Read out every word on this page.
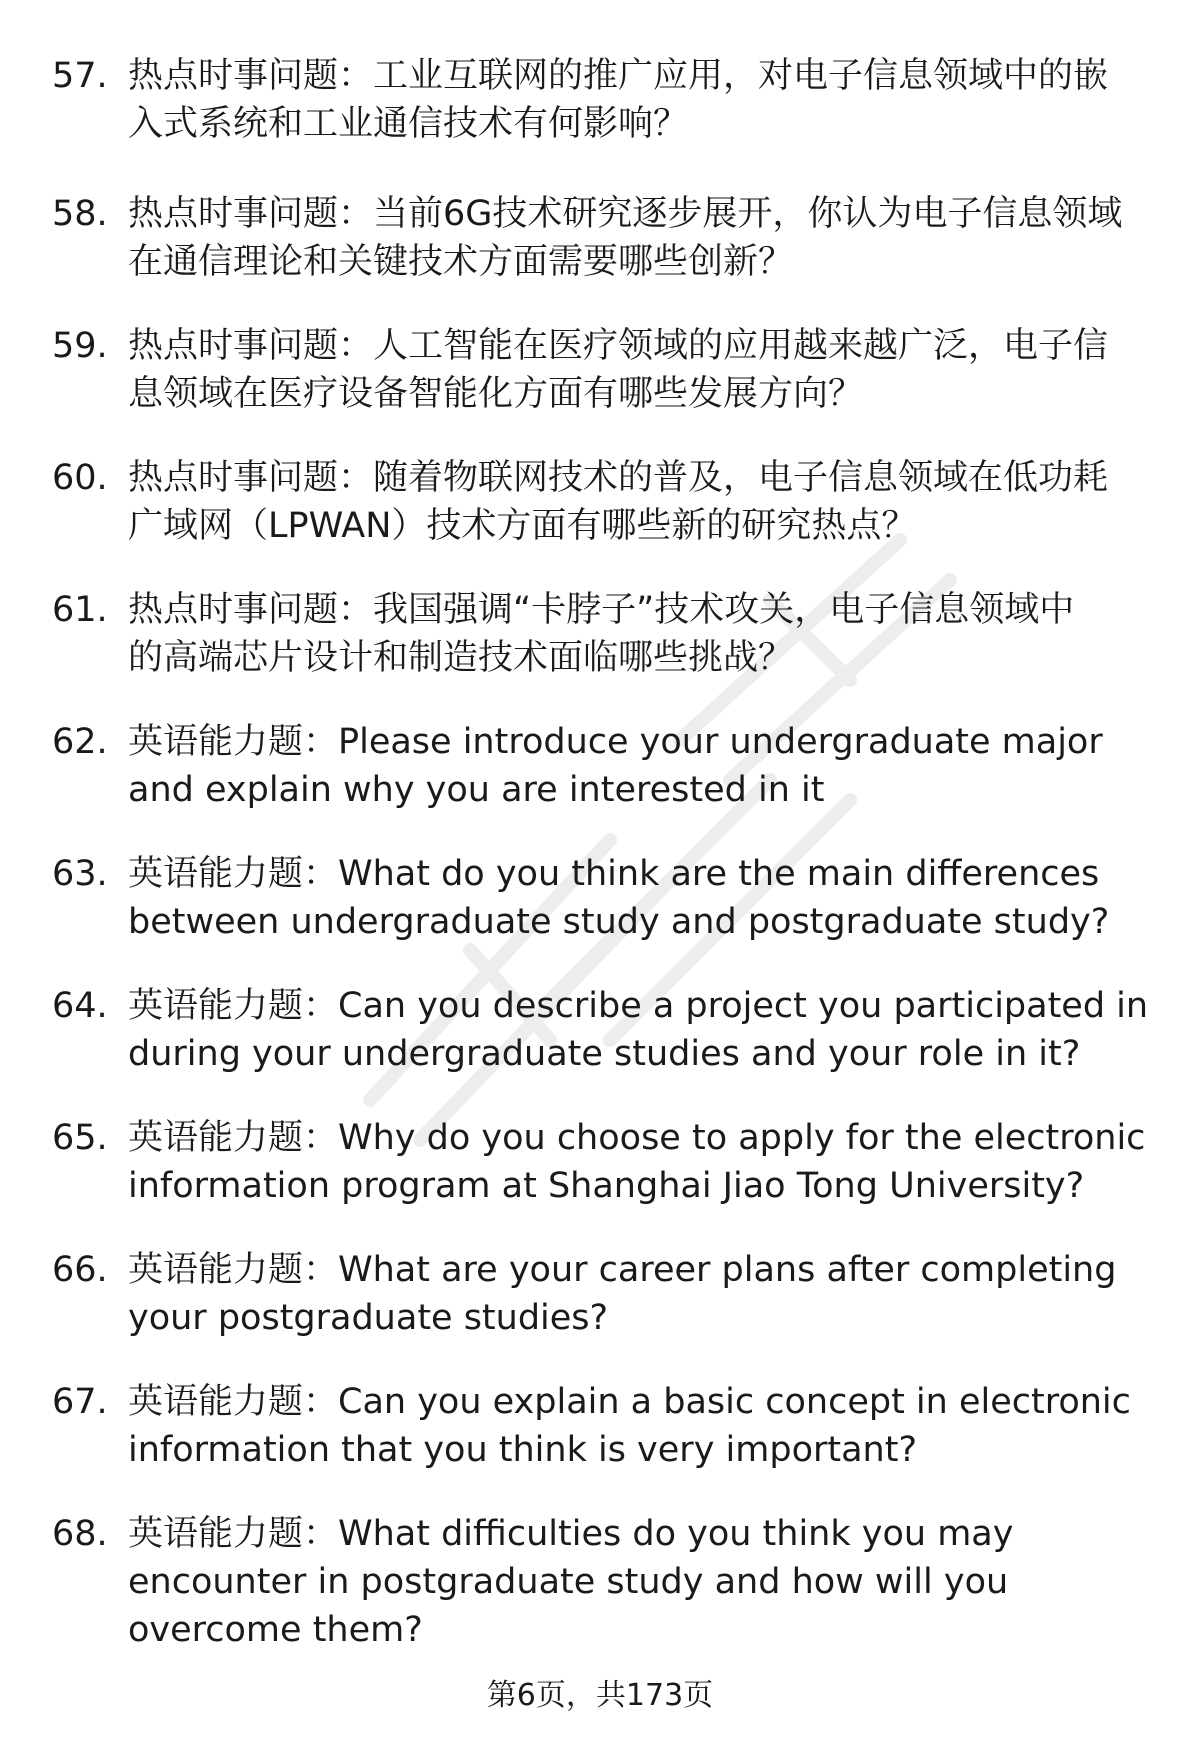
57. 热点时事问题：工业互联网的推广应用，对电子信息领域中的嵌
入式系统和工业通信技术有何影响？
58. 热点时事问题：当前6G技术研究逐步展开，你认为电子信息领域
在通信理论和关键技术方面需要哪些创新？
59. 热点时事问题：人工智能在医疗领域的应用越来越广泛，电子信
息领域在医疗设备智能化方面有哪些发展方向？
60. 热点时事问题：随着物联网技术的普及，电子信息领域在低功耗
广域网（LPWAN）技术方面有哪些新的研究热点？
61. 热点时事问题：我国强调“卡脖子”技术攻关，电子信息领域中
的高端芯片设计和制造技术面临哪些挑战？
62. 英语能力题：Please introduce your undergraduate major
and explain why you are interested in it
63. 英语能力题：What do you think are the main differences
between undergraduate study and postgraduate study?
64. 英语能力题：Can you describe a project you participated in
during your undergraduate studies and your role in it?
65. 英语能力题：Why do you choose to apply for the electronic
information program at Shanghai Jiao Tong University?
66. 英语能力题：What are your career plans after completing
your postgraduate studies?
67. 英语能力题：Can you explain a basic concept in electronic
information that you think is very important?
68. 英语能力题：What difficulties do you think you may
encounter in postgraduate study and how will you
overcome them?
第6页，共173页
